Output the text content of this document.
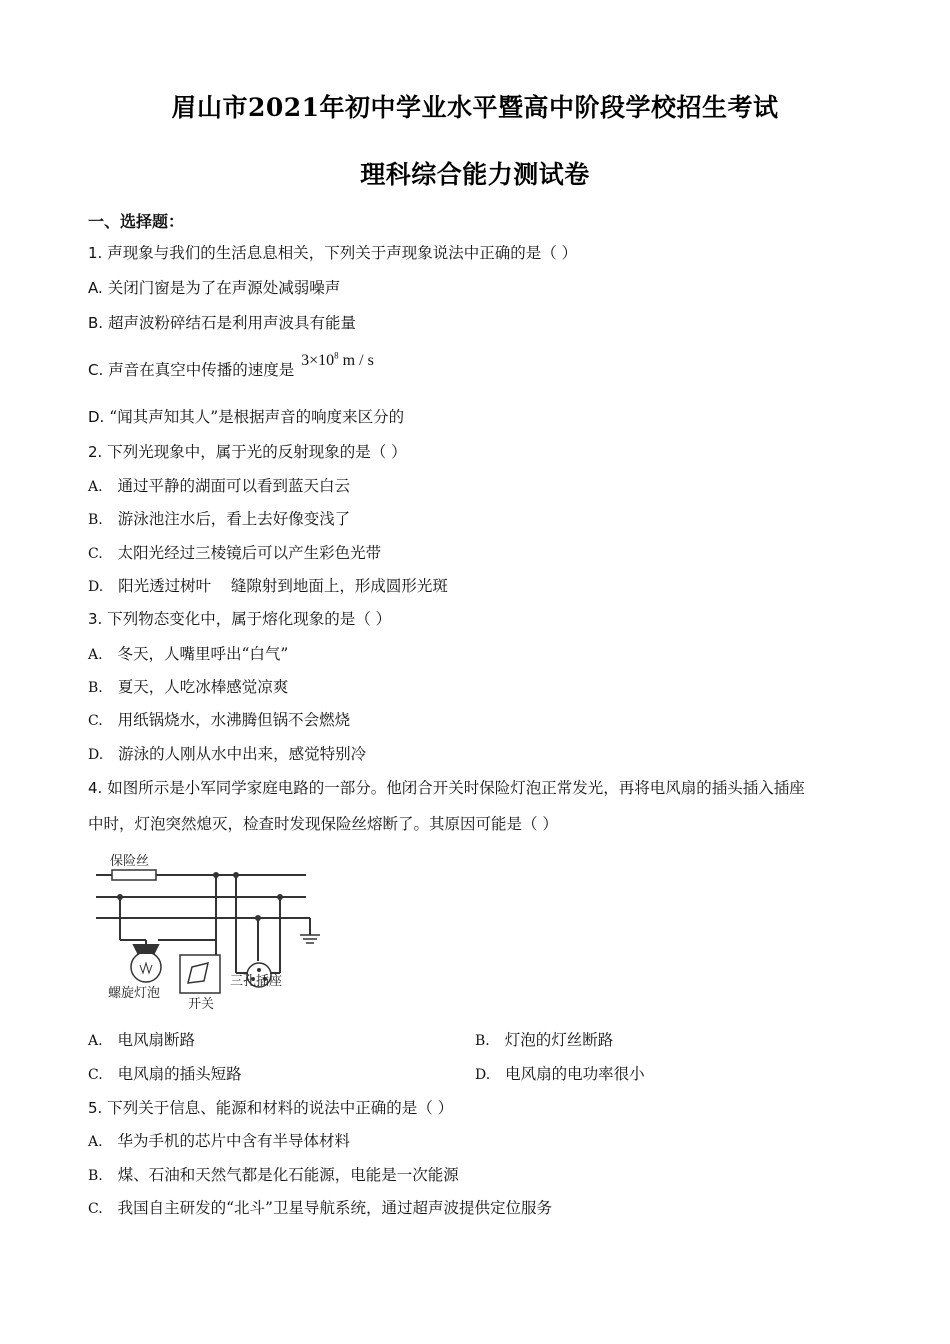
眉山市2021年初中学业水平暨高中阶段学校招生考试
理科综合能力测试卷
一、选择题：
1. 声现象与我们的生活息息相关，下列关于声现象说法中正确的是（ ）
A. 关闭门窗是为了在声源处减弱噪声
B. 超声波粉碎结石是利用声波具有能量
C. 声音在真空中传播的速度是 $3\times 10^8$ m / s
D. “闻其声知其人”是根据声音的响度来区分的
2. 下列光现象中，属于光的反射现象的是（ ）
A. 通过平静的湖面可以看到蓝天白云
B. 游泳池注水后，看上去好像变浅了
C. 太阳光经过三棱镜后可以产生彩色光带
D. 阳光透过树叶    缝隙射到地面上，形成圆形光斑
3. 下列物态变化中，属于熔化现象的是（ ）
A. 冬天，人嘴里呼出“白气”
B. 夏天，人吃冰棒感觉凉爽
C. 用纸锅烧水，水沸腾但锅不会燃烧
D. 游泳的人刚从水中出来，感觉特别冷
4. 如图所示是小军同学家庭电路的一部分。他闭合开关时保险灯泡正常发光，再将电风扇的插头插入插座
中时，灯泡突然熄灭，检查时发现保险丝熔断了。其原因可能是（ ）
保险丝
螺旋灯泡
开关
三孔插座
A. 电风扇断路	B. 灯泡的灯丝断路
C. 电风扇的插头短路	D. 电风扇的电功率很小
5. 下列关于信息、能源和材料的说法中正确的是（ ）
A. 华为手机的芯片中含有半导体材料
B. 煤、石油和天然气都是化石能源，电能是一次能源
C. 我国自主研发的“北斗”卫星导航系统，通过超声波提供定位服务
